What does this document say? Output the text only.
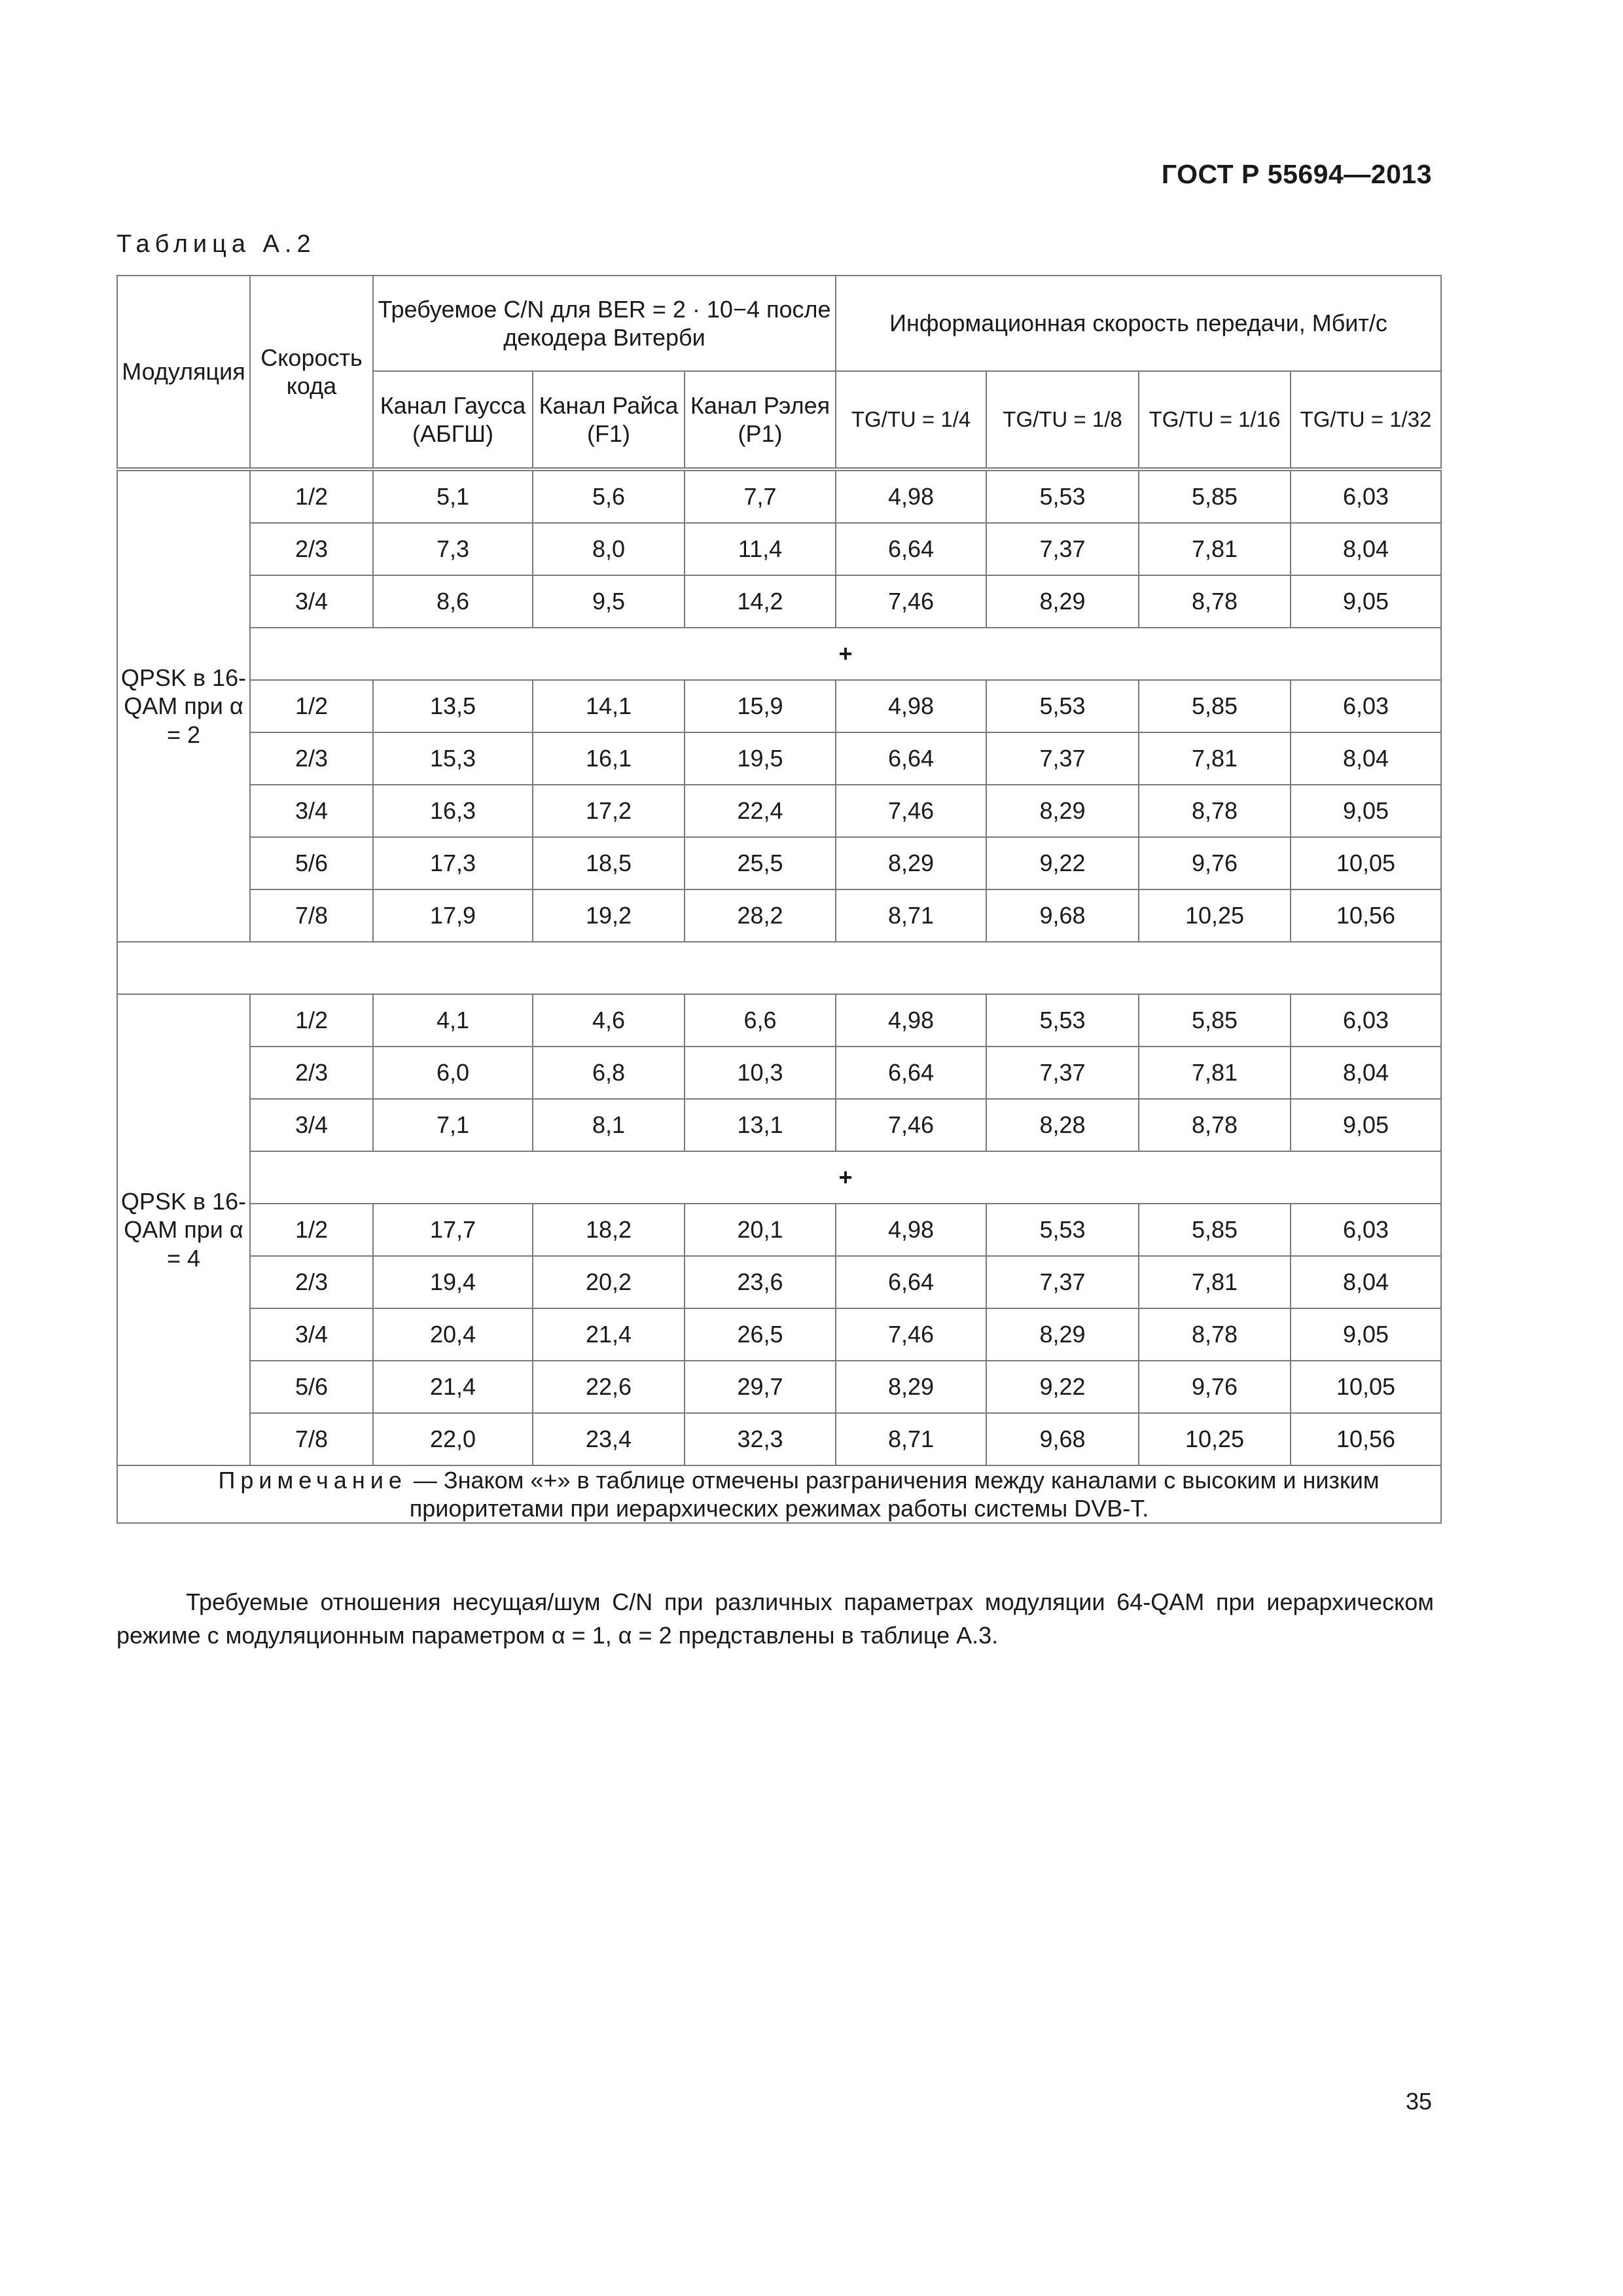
ГОСТ Р 55694—2013
Таблица А.2
Модуляция	Скорость кода	Требуемое C/N для BER = 2 · 10−4 после декодера Витерби			Информационная скорость передачи, Мбит/с			
		Канал Гаусса (АБГШ)	Канал Райса (F1)	Канал Рэлея (P1)	TG/TU = 1/4	TG/TU = 1/8	TG/TU = 1/16	TG/TU = 1/32
QPSK в 16-QAM при α = 2	1/2	5,1	5,6	7,7	4,98	5,53	5,85	6,03
	2/3	7,3	8,0	11,4	6,64	7,37	7,81	8,04
	3/4	8,6	9,5	14,2	7,46	8,29	8,78	9,05
	+							
	1/2	13,5	14,1	15,9	4,98	5,53	5,85	6,03
	2/3	15,3	16,1	19,5	6,64	7,37	7,81	8,04
	3/4	16,3	17,2	22,4	7,46	8,29	8,78	9,05
	5/6	17,3	18,5	25,5	8,29	9,22	9,76	10,05
	7/8	17,9	19,2	28,2	8,71	9,68	10,25	10,56

QPSK в 16-QAM при α = 4	1/2	4,1	4,6	6,6	4,98	5,53	5,85	6,03
	2/3	6,0	6,8	10,3	6,64	7,37	7,81	8,04
	3/4	7,1	8,1	13,1	7,46	8,28	8,78	9,05
	+							
	1/2	17,7	18,2	20,1	4,98	5,53	5,85	6,03
	2/3	19,4	20,2	23,6	6,64	7,37	7,81	8,04
	3/4	20,4	21,4	26,5	7,46	8,29	8,78	9,05
	5/6	21,4	22,6	29,7	8,29	9,22	9,76	10,05
	7/8	22,0	23,4	32,3	8,71	9,68	10,25	10,56
Примечание — Знаком «+» в таблице отмечены разграничения между каналами с высоким и низким приоритетами при иерархических режимах работы системы DVB-T.								
Требуемые отношения несущая/шум C/N при различных параметрах модуляции 64-QAM при иерархическом режиме с модуляционным параметром α = 1, α = 2 представлены в таблице А.3.
35
